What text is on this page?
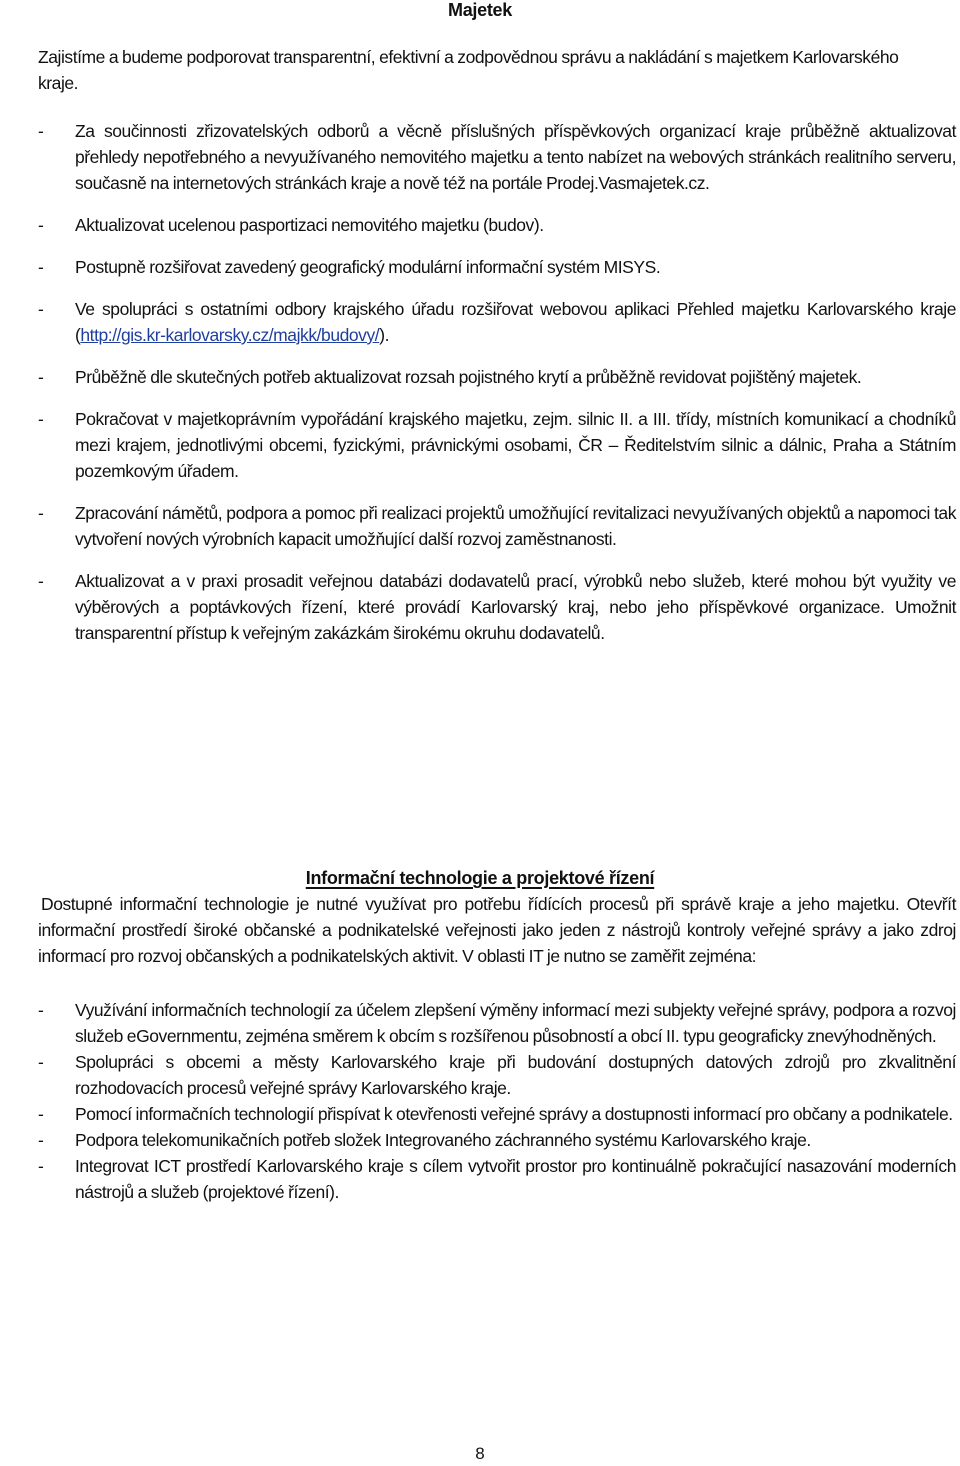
Majetek
Zajistíme a budeme podporovat transparentní, efektivní a zodpovědnou správu a nakládání s majetkem Karlovarského kraje.
- Za součinnosti zřizovatelských odborů a věcně příslušných příspěvkových organizací kraje průběžně aktualizovat přehledy nepotřebného a nevyužívaného nemovitého majetku a tento nabízet na webových stránkách realitního serveru, současně na internetových stránkách kraje a nově též na portále Prodej.Vasmajetek.cz.
- Aktualizovat ucelenou pasportizaci nemovitého majetku (budov).
- Postupně rozšiřovat zavedený geografický modulární informační systém MISYS.
- Ve spolupráci s ostatními odbory krajského úřadu rozšiřovat webovou aplikaci Přehled majetku Karlovarského kraje (http://gis.kr-karlovarsky.cz/majkk/budovy/).
- Průběžně dle skutečných potřeb aktualizovat rozsah pojistného krytí a průběžně revidovat pojištěný majetek.
- Pokračovat v majetkoprávním vypořádání krajského majetku, zejm. silnic II. a III. třídy, místních komunikací a chodníků mezi krajem, jednotlivými obcemi, fyzickými, právnickými osobami, ČR – Ředitelstvím silnic a dálnic, Praha a Státním pozemkovým úřadem.
- Zpracování námětů, podpora a pomoc při realizaci projektů umožňující revitalizaci nevyužívaných objektů a napomoci tak vytvoření nových výrobních kapacit umožňující další rozvoj zaměstnanosti.
- Aktualizovat a v praxi prosadit veřejnou databázi dodavatelů prací, výrobků nebo služeb, které mohou být využity ve výběrových a poptávkových řízení, které provádí Karlovarský kraj, nebo jeho příspěvkové organizace. Umožnit transparentní přístup k veřejným zakázkám širokému okruhu dodavatelů.
Informační technologie a projektové řízení
Dostupné informační technologie je nutné využívat pro potřebu řídících procesů při správě kraje a jeho majetku. Otevřít informační prostředí široké občanské a podnikatelské veřejnosti jako jeden z nástrojů kontroly veřejné správy a jako zdroj informací pro rozvoj občanských a podnikatelských aktivit. V oblasti IT je nutno se zaměřit zejména:
- Využívání informačních technologií za účelem zlepšení výměny informací mezi subjekty veřejné správy, podpora a rozvoj služeb eGovernmentu, zejména směrem k obcím s rozšířenou působností a obcí II. typu geograficky znevýhodněných.
- Spolupráci s obcemi a městy Karlovarského kraje při budování dostupných datových zdrojů pro zkvalitnění rozhodovacích procesů veřejné správy Karlovarského kraje.
- Pomocí informačních technologií přispívat k otevřenosti veřejné správy a dostupnosti informací pro občany a podnikatele.
- Podpora telekomunikačních potřeb složek Integrovaného záchranného systému Karlovarského kraje.
- Integrovat ICT prostředí Karlovarského kraje s cílem vytvořit prostor pro kontinuálně pokračující nasazování moderních nástrojů a služeb (projektové řízení).
8
